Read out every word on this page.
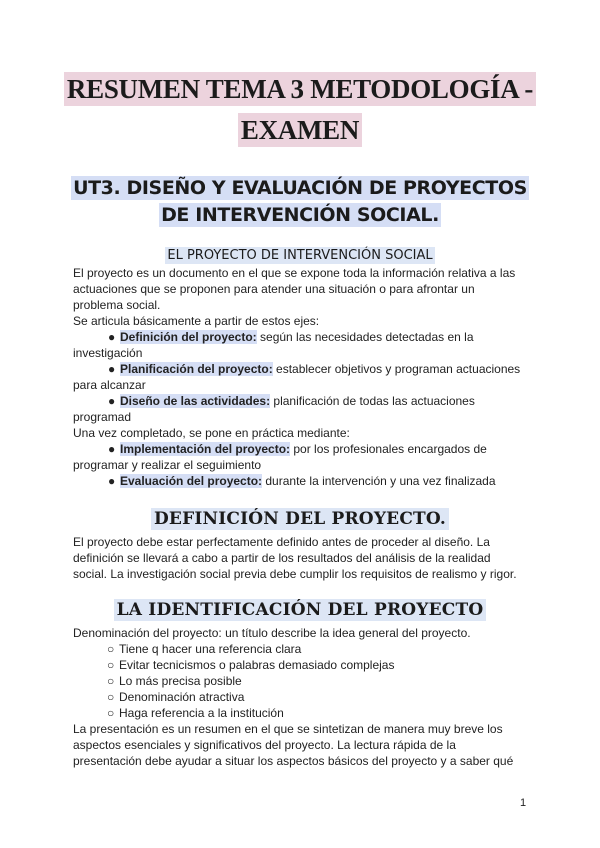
RESUMEN TEMA 3 METODOLOGÍA -
EXAMEN
UT3. DISEÑO Y EVALUACIÓN DE PROYECTOS
DE INTERVENCIÓN SOCIAL.
EL PROYECTO DE INTERVENCIÓN SOCIAL
El proyecto es un documento en el que se expone toda la información relativa a las
actuaciones que se proponen para atender una situación o para afrontar un
problema social.
Se articula básicamente a partir de estos ejes:
● Definición del proyecto: según las necesidades detectadas en la
investigación
● Planificación del proyecto: establecer objetivos y programan actuaciones
para alcanzar
● Diseño de las actividades: planificación de todas las actuaciones
programad
Una vez completado, se pone en práctica mediante:
● Implementación del proyecto: por los profesionales encargados de
programar y realizar el seguimiento
● Evaluación del proyecto: durante la intervención y una vez finalizada
DEFINICIÓN DEL PROYECTO.
El proyecto debe estar perfectamente definido antes de proceder al diseño. La
definición se llevará a cabo a partir de los resultados del análisis de la realidad
social. La investigación social previa debe cumplir los requisitos de realismo y rigor.
LA IDENTIFICACIÓN DEL PROYECTO
Denominación del proyecto: un título describe la idea general del proyecto.
○ Tiene q hacer una referencia clara
○ Evitar tecnicismos o palabras demasiado complejas
○ Lo más precisa posible
○ Denominación atractiva
○ Haga referencia a la institución
La presentación es un resumen en el que se sintetizan de manera muy breve los
aspectos esenciales y significativos del proyecto. La lectura rápida de la
presentación debe ayudar a situar los aspectos básicos del proyecto y a saber qué
1
